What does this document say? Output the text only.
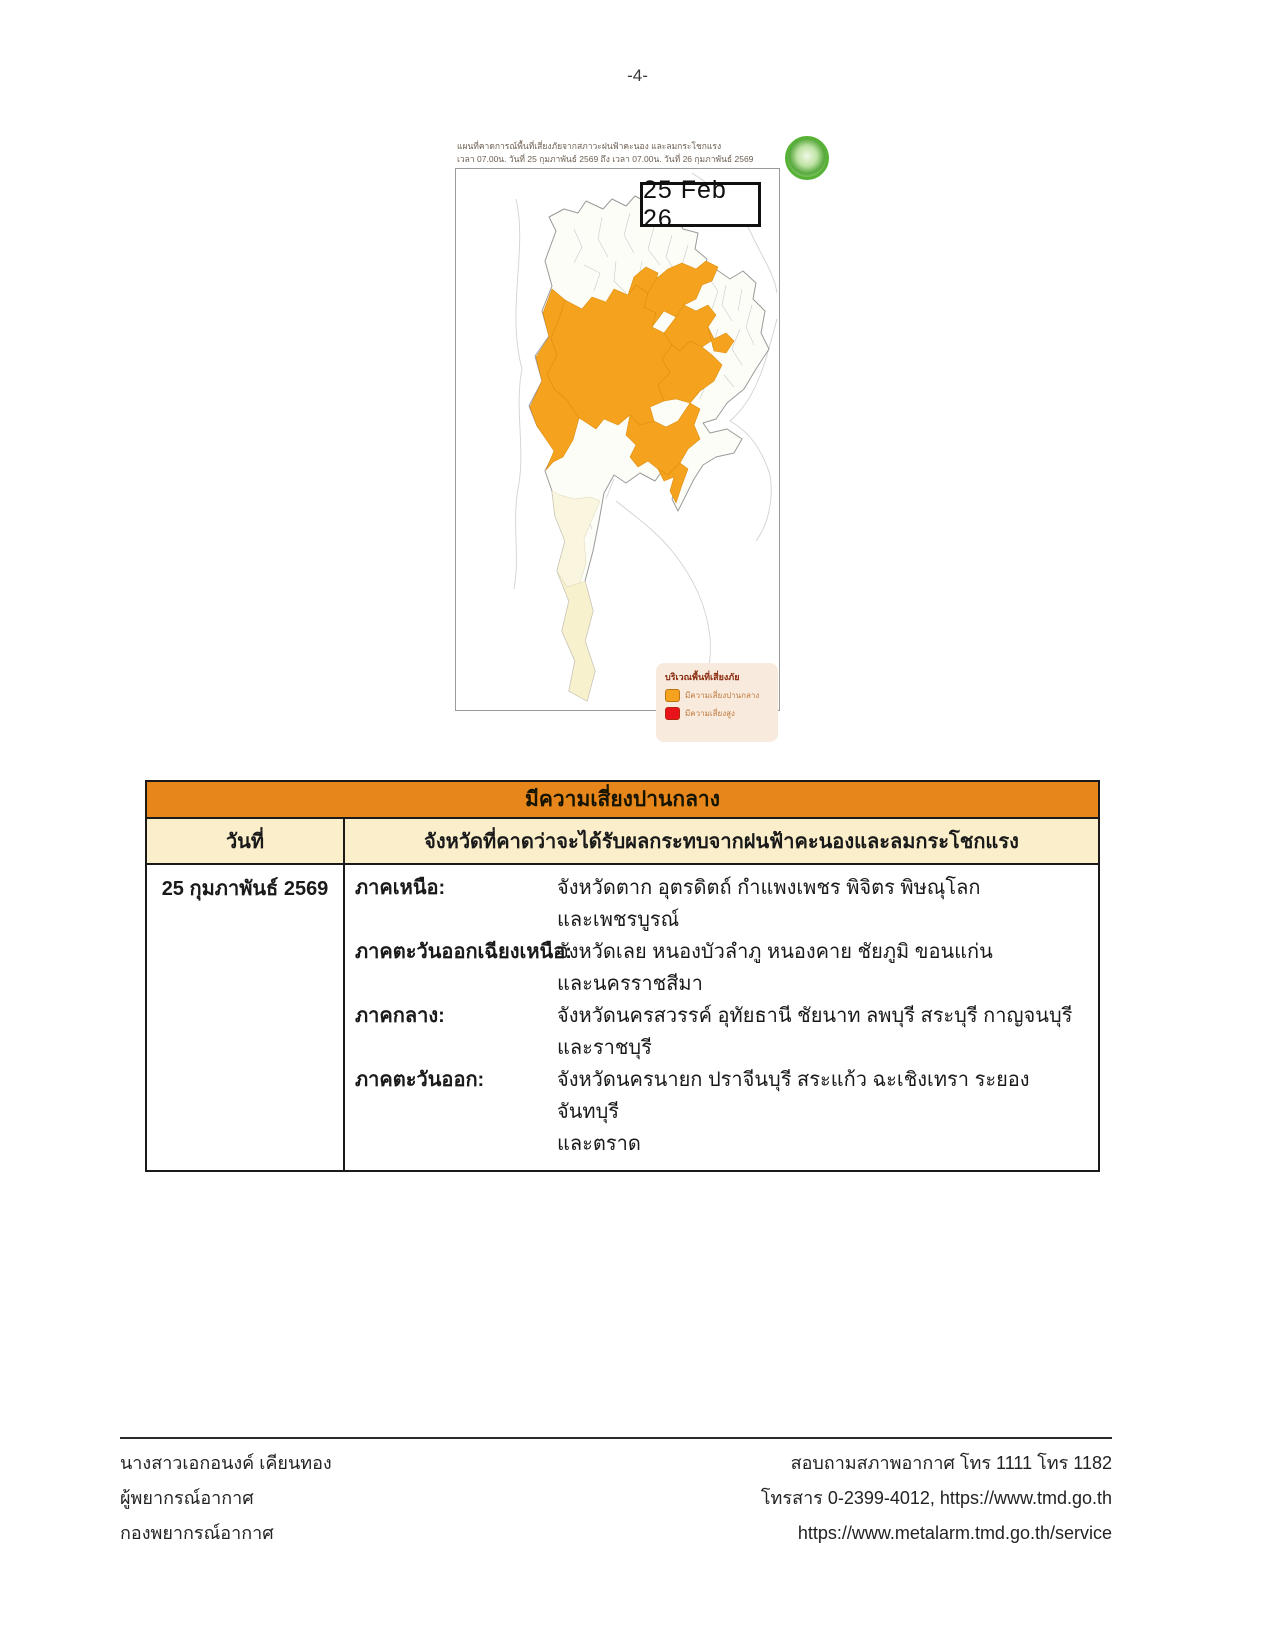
-4-
แผนที่คาดการณ์พื้นที่เสี่ยงภัยจากสภาวะฝนฟ้าคะนอง และลมกระโชกแรง
เวลา 07.00น. วันที่ 25 กุมภาพันธ์ 2569 ถึง เวลา 07.00น. วันที่ 26 กุมภาพันธ์ 2569
บริเวณพื้นที่เสี่ยงภัย
มีความเสี่ยงปานกลาง
มีความเสี่ยงสูง
25 Feb 26
มีความเสี่ยงปานกลาง
วันที่	จังหวัดที่คาดว่าจะได้รับผลกระทบจากฝนฟ้าคะนองและลมกระโชกแรง
25 กุมภาพันธ์ 2569	ภาคเหนือ:	จังหวัดตาก อุตรดิตถ์ กำแพงเพชร พิจิตร พิษณุโลก
และเพชรบูรณ์
ภาคตะวันออกเฉียงเหนือ:
จังหวัดเลย หนองบัวลำภู หนองคาย ชัยภูมิ ขอนแก่น
และนครราชสีมา
ภาคกลาง:	จังหวัดนครสวรรค์ อุทัยธานี ชัยนาท ลพบุรี สระบุรี กาญจนบุรี
และราชบุรี
ภาคตะวันออก:	จังหวัดนครนายก ปราจีนบุรี สระแก้ว ฉะเชิงเทรา ระยอง จันทบุรี
และตราด
นางสาวเอกอนงค์ เคียนทอง
ผู้พยากรณ์อากาศ
กองพยากรณ์อากาศ
สอบถามสภาพอากาศ โทร 1111 โทร 1182
โทรสาร 0-2399-4012, https://www.tmd.go.th
https://www.metalarm.tmd.go.th/service
